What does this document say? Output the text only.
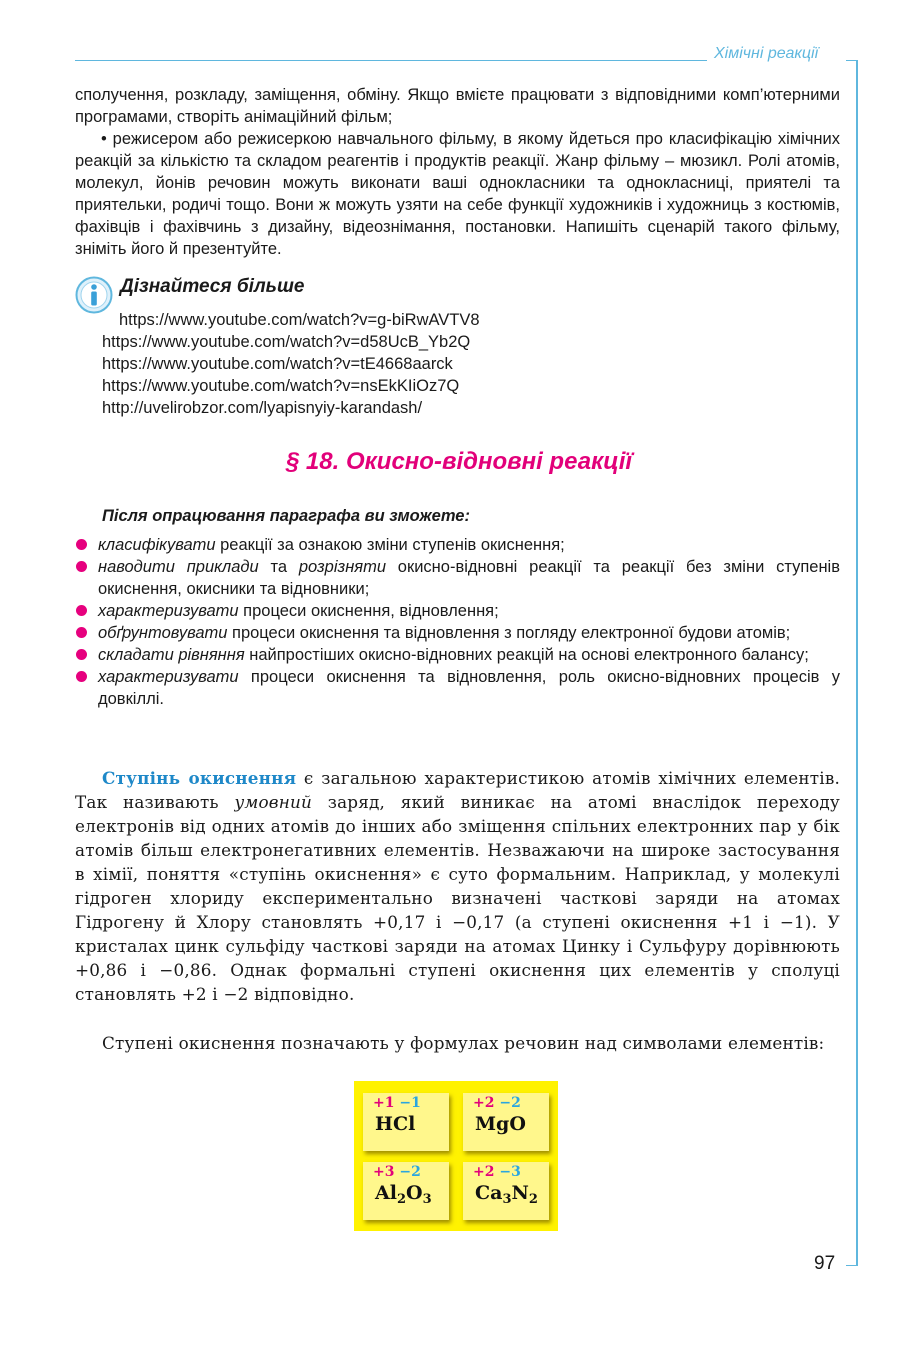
Хімічні реакції
сполучення, розкладу, заміщення, обміну. Якщо вмієте працювати з відповідними комп’ютерними програмами, створіть анімаційний фільм;
• режисером або режисеркою навчального фільму, в якому йдеться про класифікацію хімічних реакцій за кількістю та складом реагентів і продуктів реакції. Жанр фільму – мюзикл. Ролі атомів, молекул, йонів речовин можуть виконати ваші однокласники та однокласниці, приятелі та приятельки, родичі тощо. Вони ж можуть узяти на себе функції художників і художниць з костюмів, фахівців і фахівчинь з дизайну, відеознімання, постановки. Напишіть сценарій такого фільму, зніміть його й презентуйте.
Дізнайтеся більше
https://www.youtube.com/watch?v=g-biRwAVTV8
https://www.youtube.com/watch?v=d58UcB_Yb2Q
https://www.youtube.com/watch?v=tE4668aarck
https://www.youtube.com/watch?v=nsEkKIiOz7Q
http://uvelirobzor.com/lyapisnyiy-karandash/
§ 18. Окисно-відновні реакції
Після опрацювання параграфа ви зможете:
класифікувати реакції за ознакою зміни ступенів окиснення;
наводити приклади та розрізняти окисно-відновні реакції та реакції без зміни ступенів окиснення, окисники та відновники;
характеризувати процеси окиснення, відновлення;
обґрунтовувати процеси окиснення та відновлення з погляду електронної будови атомів;
складати рівняння найпростіших окисно-відновних реакцій на основі електронного балансу;
характеризувати процеси окиснення та відновлення, роль окисно-відновних процесів у довкіллі.
Ступінь окиснення є загальною характеристикою атомів хімічних елементів. Так називають умовний заряд, який виникає на атомі внаслідок переходу електронів від одних атомів до інших або зміщення спільних електронних пар у бік атомів більш електронегативних елементів. Незважаючи на широке застосування в хімії, поняття «ступінь окиснення» є суто формальним. Наприклад, у молекулі гідроген хлориду експериментально визначені часткові заряди на атомах Гідрогену й Хлору становлять +0,17 і −0,17 (а ступені окиснення +1 і −1). У кристалах цинк сульфіду часткові заряди на атомах Цинку і Сульфуру дорівнюють +0,86 і −0,86. Однак формальні ступені окиснення цих елементів у сполуці становлять +2 і −2 відповідно.
Ступені окиснення позначають у формулах речовин над символами елементів:
+1 −1
HCl
+2 −2
MgO
+3 −2
$Al_2O_3$
+2 −3
$Ca_3N_2$
97
